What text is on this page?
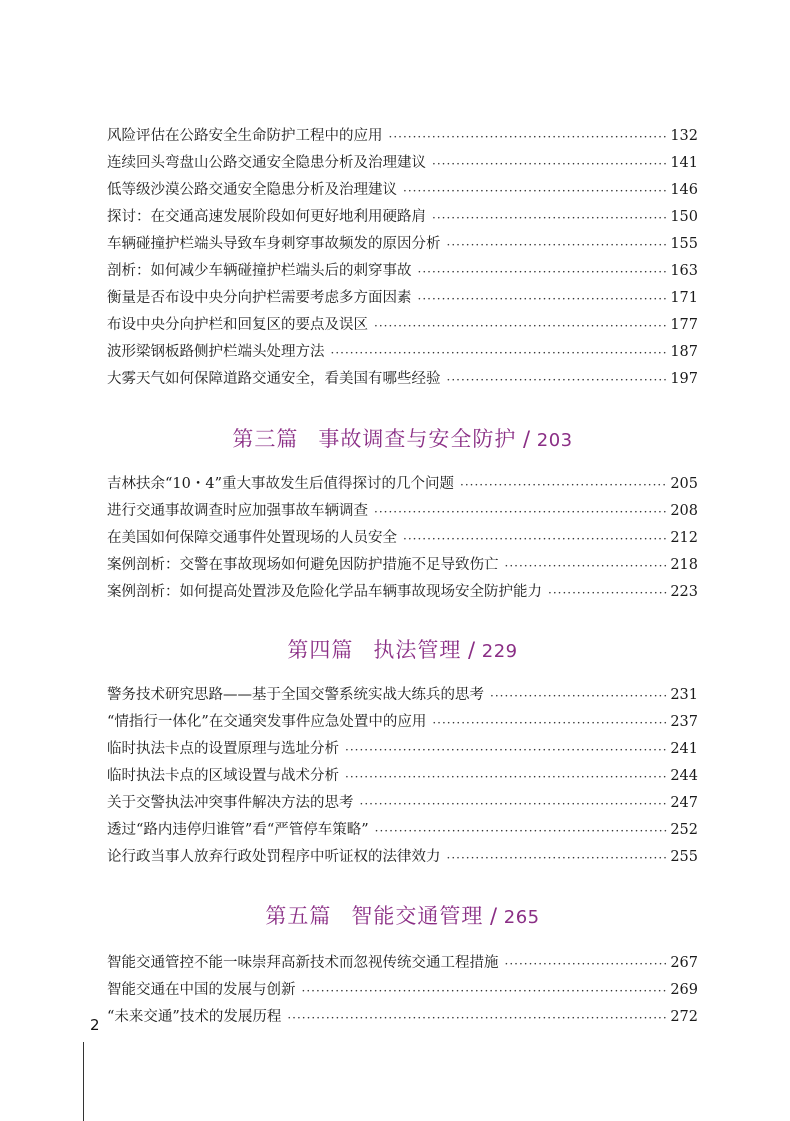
风险评估在公路安全生命防护工程中的应用 ·····	132
连续回头弯盘山公路交通安全隐患分析及治理建议 ·····	141
低等级沙漠公路交通安全隐患分析及治理建议 ·····	146
探讨：在交通高速发展阶段如何更好地利用硬路肩 ·····	150
车辆碰撞护栏端头导致车身刺穿事故频发的原因分析 ·····	155
剖析：如何减少车辆碰撞护栏端头后的刺穿事故 ·····	163
衡量是否布设中央分向护栏需要考虑多方面因素 ·····	171
布设中央分向护栏和回复区的要点及误区 ·····	177
波形梁钢板路侧护栏端头处理方法 ·····	187
大雾天气如何保障道路交通安全，看美国有哪些经验 ·····	197
第三篇 事故调查与安全防护 / 203
吉林扶余“10・4”重大事故发生后值得探讨的几个问题 ·····	205
进行交通事故调查时应加强事故车辆调查 ·····	208
在美国如何保障交通事件处置现场的人员安全 ·····	212
案例剖析：交警在事故现场如何避免因防护措施不足导致伤亡 ·····	218
案例剖析：如何提高处置涉及危险化学品车辆事故现场安全防护能力 ·····	223
第四篇 执法管理 / 229
警务技术研究思路——基于全国交警系统实战大练兵的思考 ·····	231
“情指行一体化”在交通突发事件应急处置中的应用 ·····	237
临时执法卡点的设置原理与选址分析 ·····	241
临时执法卡点的区域设置与战术分析 ·····	244
关于交警执法冲突事件解决方法的思考 ·····	247
透过“路内违停归谁管”看“严管停车策略” ·····	252
论行政当事人放弃行政处罚程序中听证权的法律效力 ·····	255
第五篇 智能交通管理 / 265
智能交通管控不能一味崇拜高新技术而忽视传统交通工程措施 ·····	267
智能交通在中国的发展与创新 ·····	269
“未来交通”技术的发展历程 ·····	272
2
